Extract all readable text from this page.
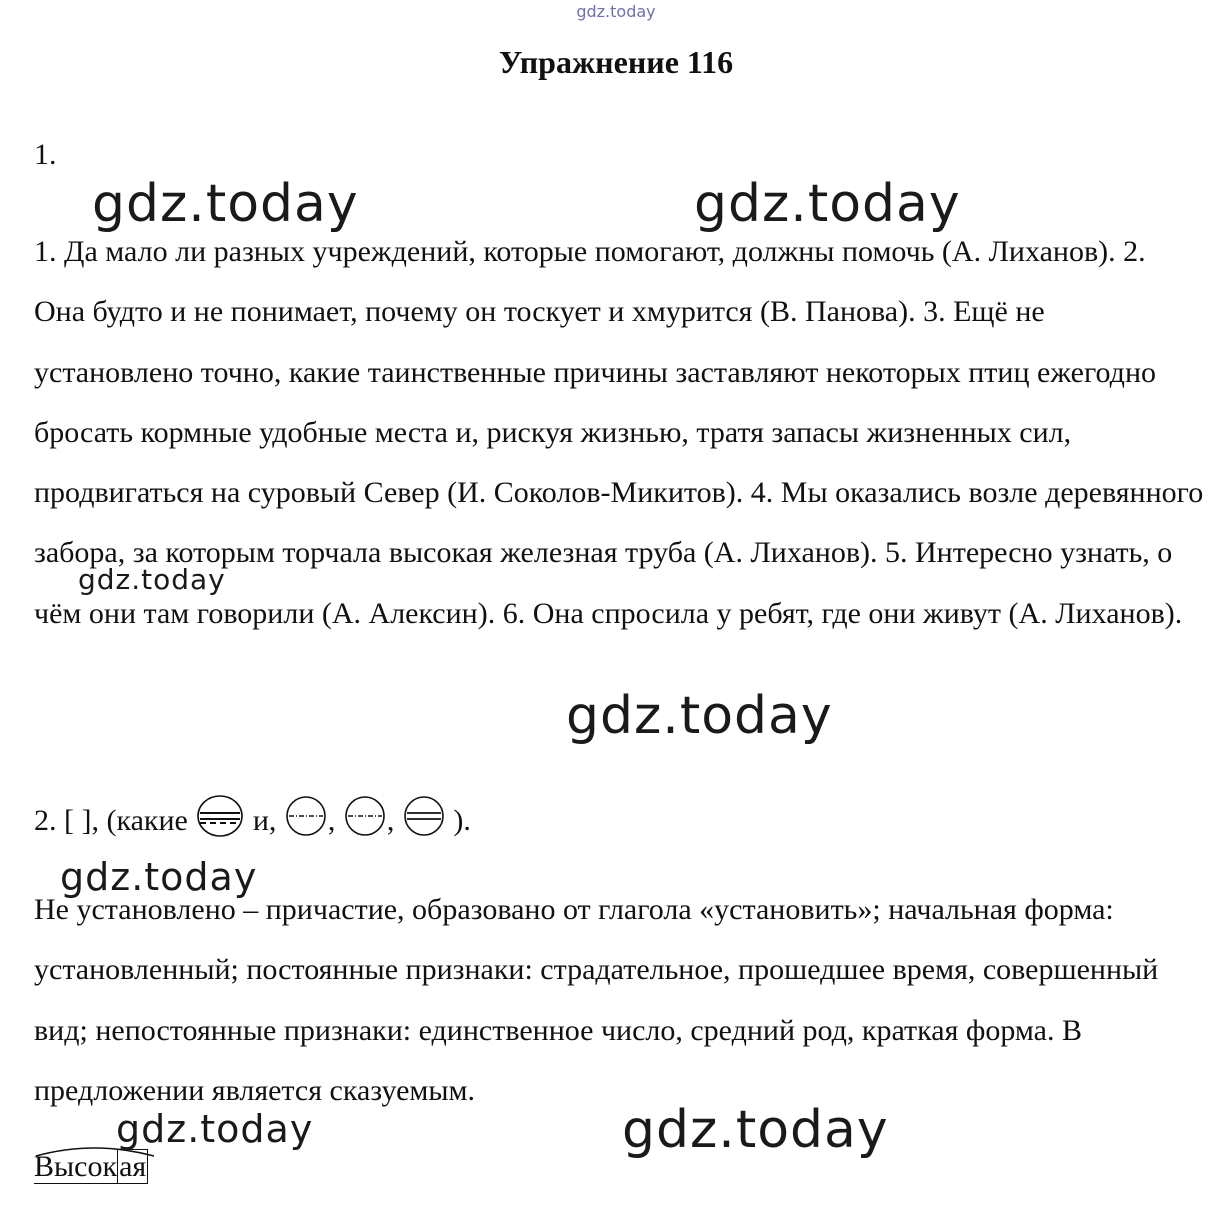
gdz.today
Упражнение 116
1.
1. Да мало ли разных учреждений, которые помогают, должны помочь (А. Лиханов). 2. Она будто и не понимает, почему он тоскует и хмурится (В. Панова). 3. Ещё не установлено точно, какие таинственные причины заставляют некоторых птиц ежегодно бросать кормные удобные места и, рискуя жизнью, тратя запасы жизненных сил, продвигаться на суровый Север (И. Соколов-Микитов). 4. Мы оказались возле деревянного забора, за которым торчала высокая железная труба (А. Лиханов). 5. Интересно узнать, о чём они там говорили (А. Алексин). 6. Она спросила у ребят, где они живут (А. Лиханов).
2. [ ], (какие и, , , ).
Не установлено – причастие, образовано от глагола «установить»; начальная форма: установленный; постоянные признаки: страдательное, прошедшее время, совершенный вид; непостоянные признаки: единственное число, средний род, краткая форма. В предложении является сказуемым.
Высокая
gdz.today	gdz.today
gdz.today
gdz.today
gdz.today
gdz.today	gdz.today
